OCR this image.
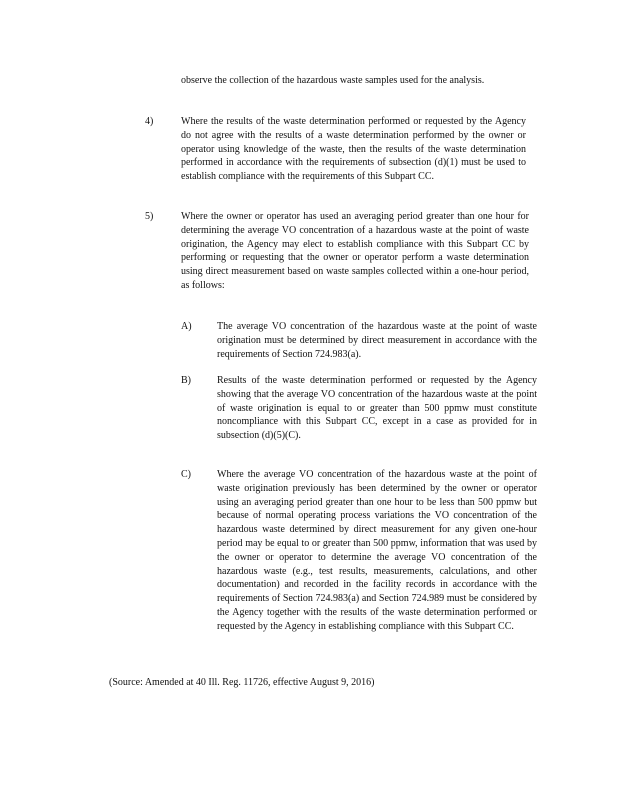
observe the collection of the hazardous waste samples used for the analysis.

4)	Where the results of the waste determination performed or requested by the Agency do not agree with the results of a waste determination performed by the owner or operator using knowledge of the waste, then the results of the waste determination performed in accordance with the requirements of subsection (d)(1) must be used to establish compliance with the requirements of this Subpart CC.

5)	Where the owner or operator has used an averaging period greater than one hour for determining the average VO concentration of a hazardous waste at the point of waste origination, the Agency may elect to establish compliance with this Subpart CC by performing or requesting that the owner or operator perform a waste determination using direct measurement based on waste samples collected within a one-hour period, as follows:

A)	The average VO concentration of the hazardous waste at the point of waste origination must be determined by direct measurement in accordance with the requirements of Section 724.983(a).

B)	Results of the waste determination performed or requested by the Agency showing that the average VO concentration of the hazardous waste at the point of waste origination is equal to or greater than 500 ppmw must constitute noncompliance with this Subpart CC, except in a case as provided for in subsection (d)(5)(C).

C)	Where the average VO concentration of the hazardous waste at the point of waste origination previously has been determined by the owner or operator using an averaging period greater than one hour to be less than 500 ppmw but because of normal operating process variations the VO concentration of the hazardous waste determined by direct measurement for any given one-hour period may be equal to or greater than 500 ppmw, information that was used by the owner or operator to determine the average VO concentration of the hazardous waste (e.g., test results, measurements, calculations, and other documentation) and recorded in the facility records in accordance with the requirements of Section 724.983(a) and Section 724.989 must be considered by the Agency together with the results of the waste determination performed or requested by the Agency in establishing compliance with this Subpart CC.

(Source: Amended at 40 Ill. Reg. 11726, effective August 9, 2016)
